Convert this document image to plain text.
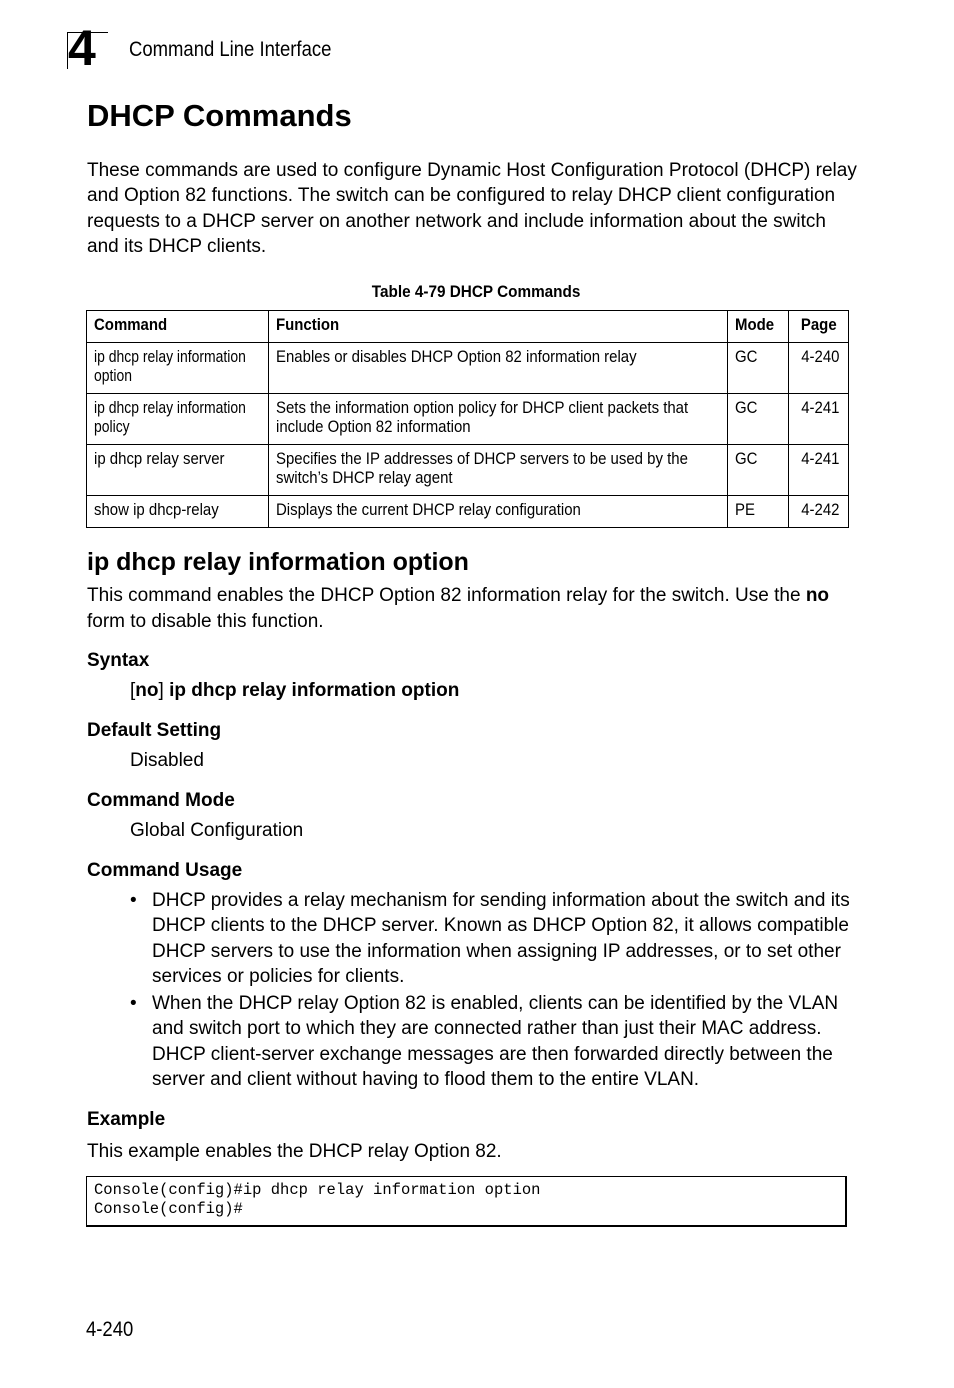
4 Command Line Interface
DHCP Commands

These commands are used to configure Dynamic Host Configuration Protocol (DHCP) relay and Option 82 functions. The switch can be configured to relay DHCP client configuration requests to a DHCP server on another network and include information about the switch and its DHCP clients.

Table 4-79 DHCP Commands
Command	Function	Mode	Page

ip dhcp relay information option	Enables or disables DHCP Option 82 information relay	GC	4-240

ip dhcp relay information policy	Sets the information option policy for DHCP client packets that include Option 82 information	GC	4-241

ip dhcp relay server	Specifies the IP addresses of DHCP servers to be used by the switch’s DHCP relay agent	GC	4-241
show ip dhcp-relay	Displays the current DHCP relay configuration	PE	4-242
ip dhcp relay information option

This command enables the DHCP Option 82 information relay for the switch. Use the no form to disable this function.

Syntax
[no] ip dhcp relay information option
Default Setting
Disabled
Command Mode
Global Configuration
Command Usage
• DHCP provides a relay mechanism for sending information about the switch and its DHCP clients to the DHCP server. Known as DHCP Option 82, it allows compatible DHCP servers to use the information when assigning IP addresses, or to set other services or policies for clients.
• When the DHCP relay Option 82 is enabled, clients can be identified by the VLAN and switch port to which they are connected rather than just their MAC address. DHCP client-server exchange messages are then forwarded directly between the server and client without having to flood them to the entire VLAN.
Example
This example enables the DHCP relay Option 82.
Console(config)#ip dhcp relay information option
Console(config)#
4-240
